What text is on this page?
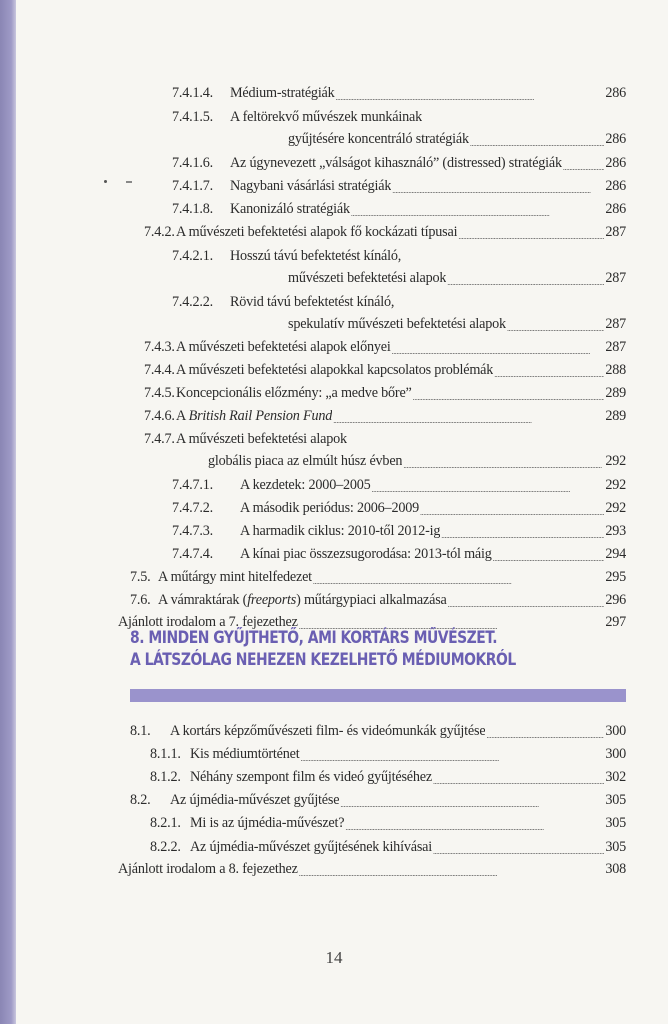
7.4.1.4.	Médium-stratégiák . . .	286
7.4.1.5.	A feltörekvő művészek munkáinak
gyűjtésére koncentráló stratégiák . . .	286
7.4.1.6.	Az úgynevezett „válságot kihasználó” (distressed) stratégiák . . .	286
7.4.1.7.	Nagybani vásárlási stratégiák . . .	286
7.4.1.8.	Kanonizáló stratégiák . . .	286
7.4.2. A művészeti befektetési alapok fő kockázati típusai . . .	287
7.4.2.1.	Hosszú távú befektetést kínáló,
művészeti befektetési alapok . . .	287
7.4.2.2.	Rövid távú befektetést kínáló,
spekulatív művészeti befektetési alapok . . .	287
7.4.3. A művészeti befektetési alapok előnyei . . .	287
7.4.4. A művészeti befektetési alapokkal kapcsolatos problémák . . .	288
7.4.5. Koncepcionális előzmény: „a medve bőre” . . .	289
7.4.6. A British Rail Pension Fund . . .	289
7.4.7. A művészeti befektetési alapok
globális piaca az elmúlt húsz évben . . .	292
7.4.7.1.	A kezdetek: 2000–2005 . . .	292
7.4.7.2.	A második periódus: 2006–2009 . . .	292
7.4.7.3.	A harmadik ciklus: 2010-től 2012-ig . . .	293
7.4.7.4.	A kínai piac összezsugorodása: 2013-tól máig . . .	294
7.5. A műtárgy mint hitelfedezet . . .	295
7.6. A vámraktárak (freeports) műtárgypiaci alkalmazása . . .	296
Ajánlott irodalom a 7. fejezethez . . .	297
8. MINDEN GYŰJTHETŐ, AMI KORTÁRS MŰVÉSZET.
A LÁTSZÓLAG NEHEZEN KEZELHETŐ MÉDIUMOKRÓL
8.1.	A kortárs képzőművészeti film- és videómunkák gyűjtése . . .	300
8.1.1. Kis médiumtörténet . . .	300
8.1.2. Néhány szempont film és videó gyűjtéséhez . . .	302
8.2.	Az újmédia-művészet gyűjtése . . .	305
8.2.1. Mi is az újmédia-művészet? . . .	305
8.2.2. Az újmédia-művészet gyűjtésének kihívásai . . .	305
Ajánlott irodalom a 8. fejezethez . . .	308
14
